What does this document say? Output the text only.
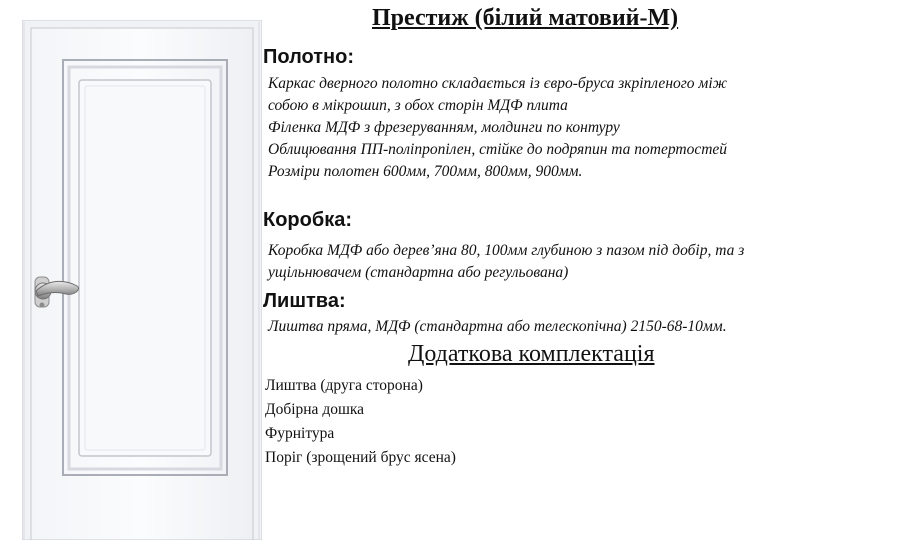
Престиж (білий матовий-М)
Полотно:
Каркас дверного полотно складається із євро-бруса зкріпленого між
собою в мікрошип, з обох сторін МДФ плита
Філенка МДФ з фрезеруванням, молдинги по контуру
Облицювання ПП-поліпропілен, стійке до подряпин та потертостей
Розміри полотен 600мм, 700мм, 800мм, 900мм.
Коробка:
Коробка МДФ або дерев’яна 80, 100мм глубиною з пазом під добір, та з
ущільнювачем (стандартна або регульована)
Лиштва:
Лиштва пряма, МДФ (стандартна або телескопічна) 2150-68-10мм.
Додаткова комплектація
Лиштва (друга сторона)
Добірна дошка
Фурнітура
Поріг (зрощений брус ясена)
